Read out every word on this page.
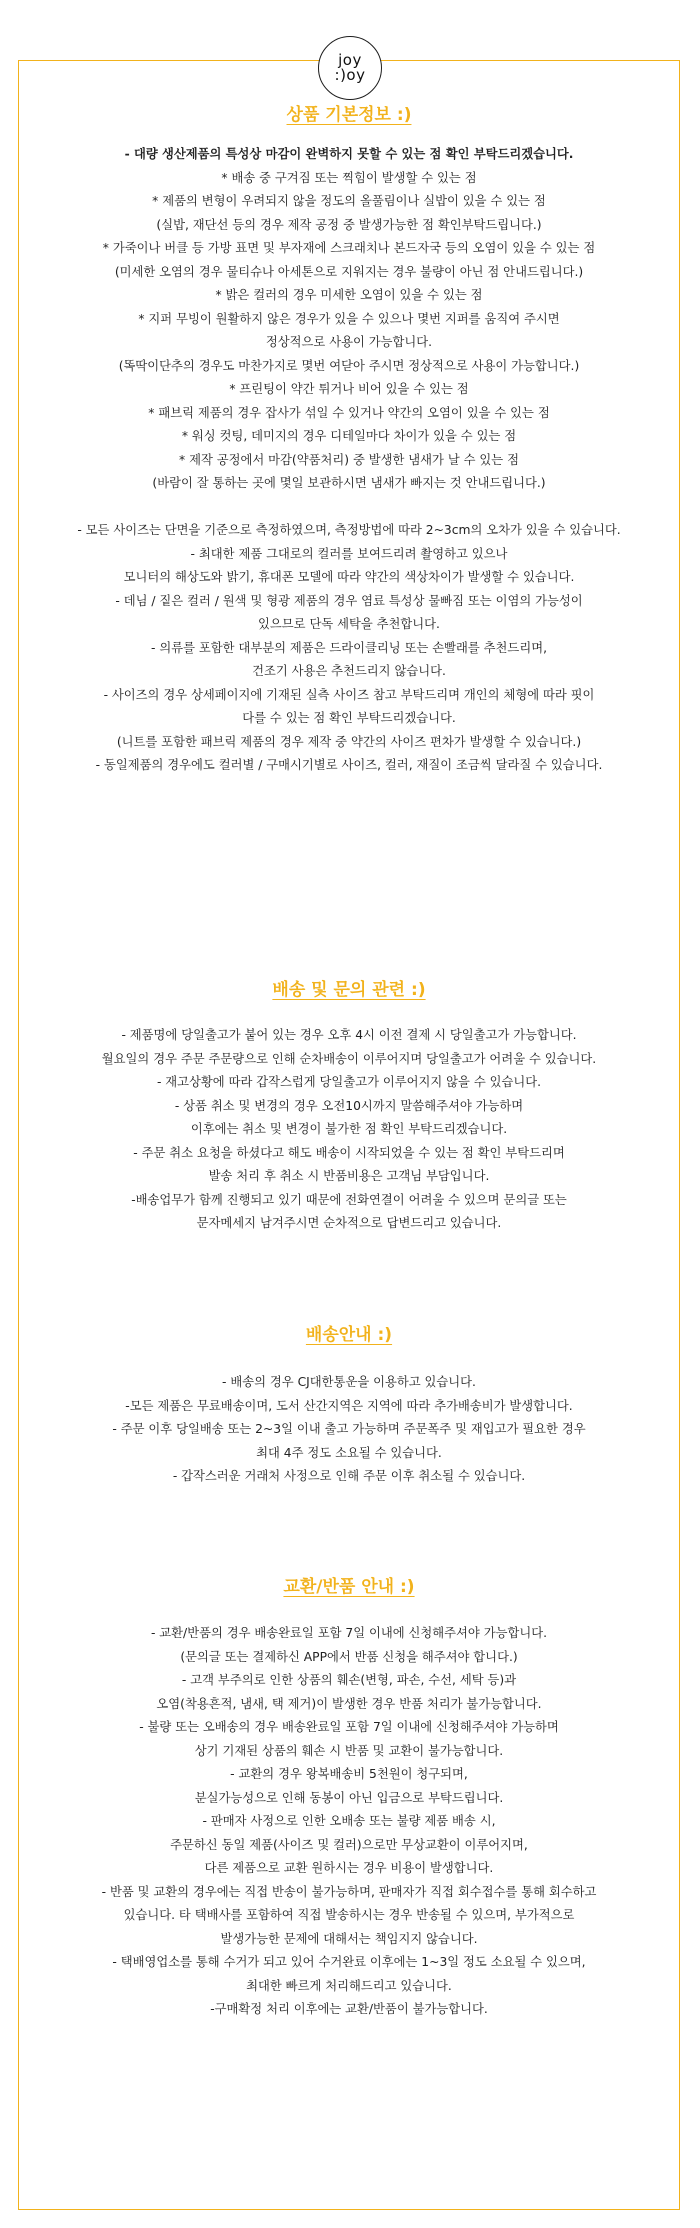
joy
:)oy
상품 기본정보 :)
- 대량 생산제품의 특성상 마감이 완벽하지 못할 수 있는 점 확인 부탁드리겠습니다.
* 배송 중 구겨짐 또는 찍힘이 발생할 수 있는 점
* 제품의 변형이 우려되지 않을 정도의 올풀림이나 실밥이 있을 수 있는 점
(실밥, 재단선 등의 경우 제작 공정 중 발생가능한 점 확인부탁드립니다.)
* 가죽이나 버클 등 가방 표면 및 부자재에 스크래치나 본드자국 등의 오염이 있을 수 있는 점
(미세한 오염의 경우 물티슈나 아세톤으로 지워지는 경우 불량이 아닌 점 안내드립니다.)
* 밝은 컬러의 경우 미세한 오염이 있을 수 있는 점
* 지퍼 무빙이 원활하지 않은 경우가 있을 수 있으나 몇번 지퍼를 움직여 주시면
정상적으로 사용이 가능합니다.
(똑딱이단추의 경우도 마찬가지로 몇번 여닫아 주시면 정상적으로 사용이 가능합니다.)
* 프린팅이 약간 튀거나 비어 있을 수 있는 점
* 패브릭 제품의 경우 잡사가 섞일 수 있거나 약간의 오염이 있을 수 있는 점
* 워싱 컷팅, 데미지의 경우 디테일마다 차이가 있을 수 있는 점
* 제작 공정에서 마감(약품처리) 중 발생한 냄새가 날 수 있는 점
(바람이 잘 통하는 곳에 몇일 보관하시면 냄새가 빠지는 것 안내드립니다.)

- 모든 사이즈는 단면을 기준으로 측정하였으며, 측정방법에 따라 2~3cm의 오차가 있을 수 있습니다.
- 최대한 제품 그대로의 컬러를 보여드리려 촬영하고 있으나
모니터의 해상도와 밝기, 휴대폰 모델에 따라 약간의 색상차이가 발생할 수 있습니다.
- 데님 / 짙은 컬러 / 원색 및 형광 제품의 경우 염료 특성상 물빠짐 또는 이염의 가능성이
있으므로 단독 세탁을 추천합니다.
- 의류를 포함한 대부분의 제품은 드라이클리닝 또는 손빨래를 추천드리며,
건조기 사용은 추천드리지 않습니다.
- 사이즈의 경우 상세페이지에 기재된 실측 사이즈 참고 부탁드리며 개인의 체형에 따라 핏이
다를 수 있는 점 확인 부탁드리겠습니다.
(니트를 포함한 패브릭 제품의 경우 제작 중 약간의 사이즈 편차가 발생할 수 있습니다.)
- 동일제품의 경우에도 컬러별 / 구매시기별로 사이즈, 컬러, 재질이 조금씩 달라질 수 있습니다.
배송 및 문의 관련 :)
- 제품명에 당일출고가 붙어 있는 경우 오후 4시 이전 결제 시 당일출고가 가능합니다.
월요일의 경우 주문 주문량으로 인해 순차배송이 이루어지며 당일출고가 어려울 수 있습니다.
- 재고상황에 따라 갑작스럽게 당일출고가 이루어지지 않을 수 있습니다.
- 상품 취소 및 변경의 경우 오전10시까지 말씀해주셔야 가능하며
이후에는 취소 및 변경이 불가한 점 확인 부탁드리겠습니다.
- 주문 취소 요청을 하셨다고 해도 배송이 시작되었을 수 있는 점 확인 부탁드리며
발송 처리 후 취소 시 반품비용은 고객님 부담입니다.
-배송업무가 함께 진행되고 있기 때문에 전화연결이 어려울 수 있으며 문의글 또는
문자메세지 남겨주시면 순차적으로 답변드리고 있습니다.
배송안내 :)
- 배송의 경우 CJ대한통운을 이용하고 있습니다.
-모든 제품은 무료배송이며, 도서 산간지역은 지역에 따라 추가배송비가 발생합니다.
- 주문 이후 당일배송 또는 2~3일 이내 출고 가능하며 주문폭주 및 재입고가 필요한 경우
최대 4주 정도 소요될 수 있습니다.
- 갑작스러운 거래처 사정으로 인해 주문 이후 취소될 수 있습니다.
교환/반품 안내 :)
- 교환/반품의 경우 배송완료일 포함 7일 이내에 신청해주셔야 가능합니다.
(문의글 또는 결제하신 APP에서 반품 신청을 해주셔야 합니다.)
- 고객 부주의로 인한 상품의 훼손(변형, 파손, 수선, 세탁 등)과
오염(착용흔적, 냄새, 택 제거)이 발생한 경우 반품 처리가 불가능합니다.
- 불량 또는 오배송의 경우 배송완료일 포함 7일 이내에 신청해주셔야 가능하며
상기 기재된 상품의 훼손 시 반품 및 교환이 불가능합니다.
- 교환의 경우 왕복배송비 5천원이 청구되며,
분실가능성으로 인해 동봉이 아닌 입금으로 부탁드립니다.
- 판매자 사정으로 인한 오배송 또는 불량 제품 배송 시,
주문하신 동일 제품(사이즈 및 컬러)으로만 무상교환이 이루어지며,
다른 제품으로 교환 원하시는 경우 비용이 발생합니다.
- 반품 및 교환의 경우에는 직접 반송이 불가능하며, 판매자가 직접 회수접수를 통해 회수하고
있습니다. 타 택배사를 포함하여 직접 발송하시는 경우 반송될 수 있으며, 부가적으로
발생가능한 문제에 대해서는 책임지지 않습니다.
- 택배영업소를 통해 수거가 되고 있어 수거완료 이후에는 1~3일 정도 소요될 수 있으며,
최대한 빠르게 처리해드리고 있습니다.
-구매확정 처리 이후에는 교환/반품이 불가능합니다.
